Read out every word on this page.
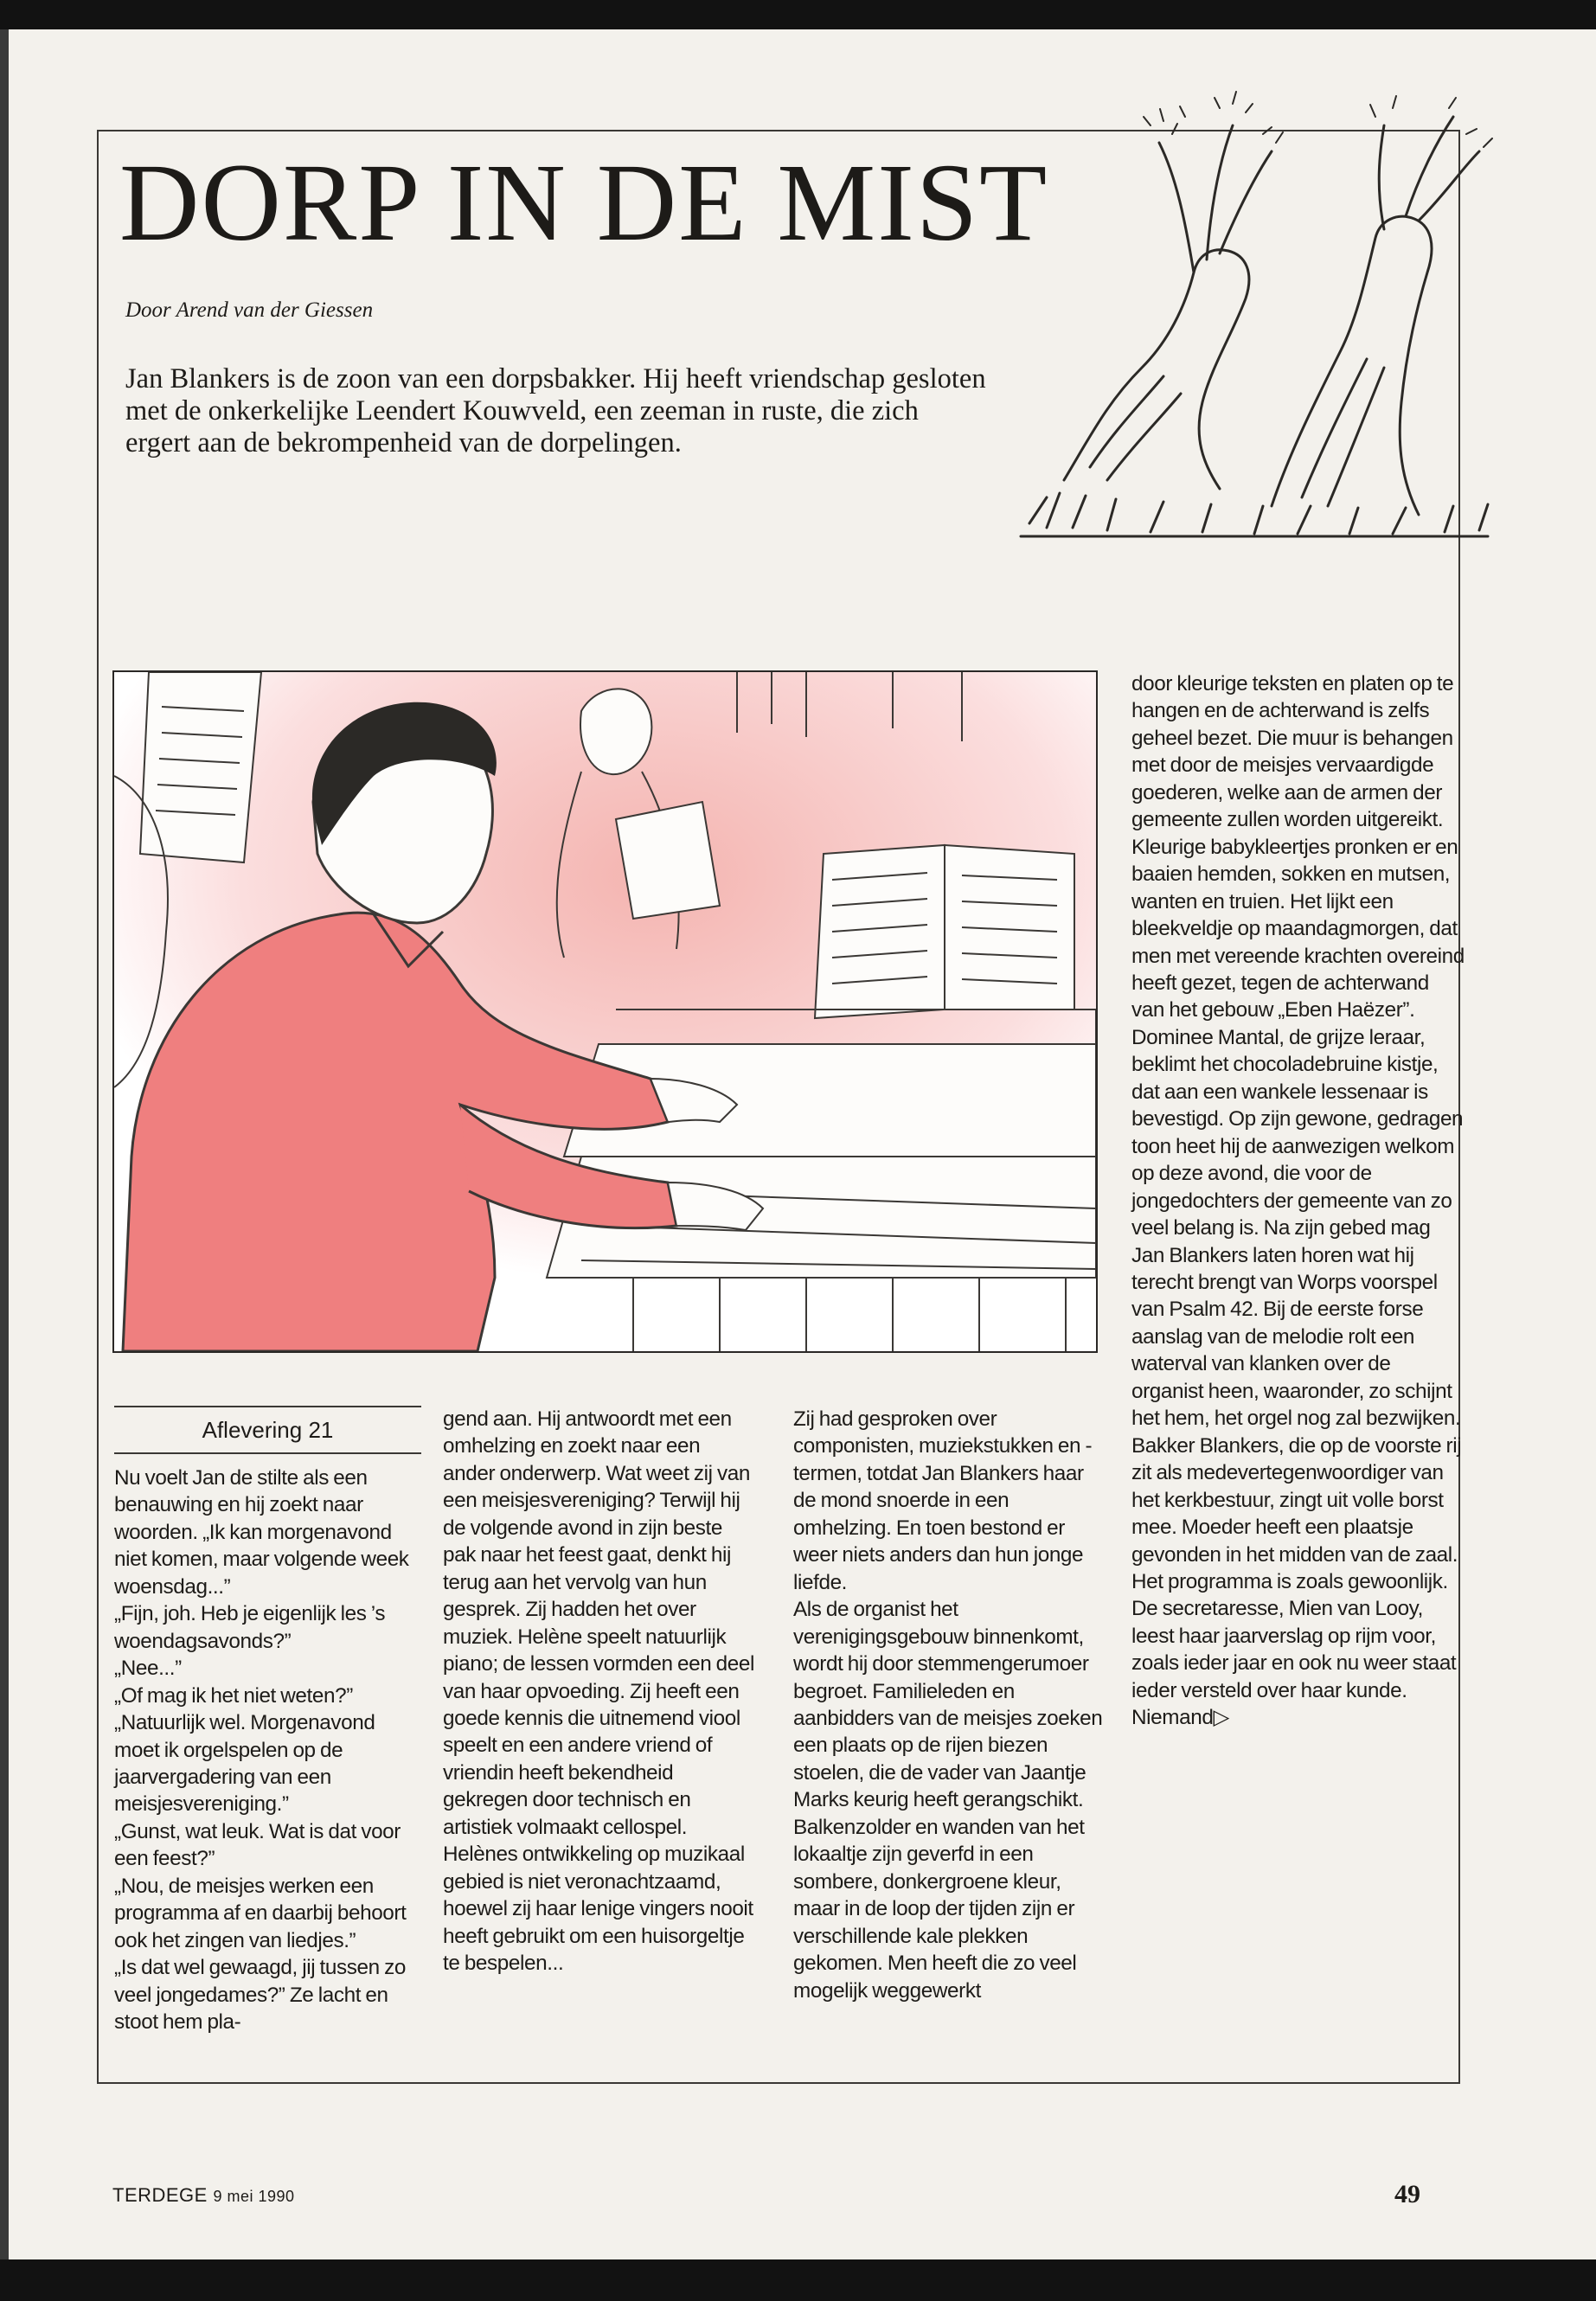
DORP IN DE MIST
Door Arend van der Giessen
Jan Blankers is de zoon van een dorpsbakker. Hij heeft vriendschap gesloten met de onkerkelijke Leendert Kouwveld, een zeeman in ruste, die zich ergert aan de bekrompenheid van de dorpelingen.
Aflevering 21

Nu voelt Jan de stilte als een benauwing en hij zoekt naar woorden. „Ik kan morgenavond niet komen, maar volgende week woensdag...”

„Fijn, joh. Heb je eigenlijk les ’s woendagsavonds?”

„Nee...”

„Of mag ik het niet weten?”

„Natuurlijk wel. Morgenavond moet ik orgelspelen op de jaarvergadering van een meisjesvereniging.”

„Gunst, wat leuk. Wat is dat voor een feest?”

„Nou, de meisjes werken een programma af en daarbij behoort ook het zingen van liedjes.”

„Is dat wel gewaagd, jij tussen zo veel jongedames?” Ze lacht en stoot hem pla-

gend aan. Hij antwoordt met een omhelzing en zoekt naar een ander onderwerp. Wat weet zij van een meisjesvereniging? Terwijl hij de volgende avond in zijn beste pak naar het feest gaat, denkt hij terug aan het vervolg van hun gesprek. Zij hadden het over muziek. Helène speelt natuurlijk piano; de lessen vormden een deel van haar opvoeding. Zij heeft een goede kennis die uitnemend viool speelt en een andere vriend of vriendin heeft bekendheid gekregen door technisch en artistiek volmaakt cellospel. Helènes ontwikkeling op muzikaal gebied is niet veronachtzaamd, hoewel zij haar lenige vingers nooit heeft gebruikt om een huisorgeltje te bespelen...

Zij had gesproken over componisten, muziekstukken en -termen, totdat Jan Blankers haar de mond snoerde in een omhelzing. En toen bestond er weer niets anders dan hun jonge liefde.

Als de organist het verenigingsgebouw binnenkomt, wordt hij door stemmengerumoer begroet. Familieleden en aanbidders van de meisjes zoeken een plaats op de rijen biezen stoelen, die de vader van Jaantje Marks keurig heeft gerangschikt.

Balkenzolder en wanden van het lokaaltje zijn geverfd in een sombere, donkergroene kleur, maar in de loop der tijden zijn er verschillende kale plekken gekomen. Men heeft die zo veel mogelijk weggewerkt

door kleurige teksten en platen op te hangen en de achterwand is zelfs geheel bezet. Die muur is behangen met door de meisjes vervaardigde goederen, welke aan de armen der gemeente zullen worden uitgereikt. Kleurige babykleertjes pronken er en baaien hemden, sokken en mutsen, wanten en truien. Het lijkt een bleekveldje op maandagmorgen, dat men met vereende krachten overeind heeft gezet, tegen de achterwand van het gebouw „Eben Haëzer”. Dominee Mantal, de grijze leraar, beklimt het chocoladebruine kistje, dat aan een wankele lessenaar is bevestigd. Op zijn gewone, gedragen toon heet hij de aanwezigen welkom op deze avond, die voor de jongedochters der gemeente van zo veel belang is. Na zijn gebed mag Jan Blankers laten horen wat hij terecht brengt van Worps voorspel van Psalm 42. Bij de eerste forse aanslag van de melodie rolt een waterval van klanken over de organist heen, waaronder, zo schijnt het hem, het orgel nog zal bezwijken. Bakker Blankers, die op de voorste rij zit als medevertegenwoordiger van het kerkbestuur, zingt uit volle borst mee. Moeder heeft een plaatsje gevonden in het midden van de zaal. Het programma is zoals gewoonlijk. De secretaresse, Mien van Looy, leest haar jaarverslag op rijm voor, zoals ieder jaar en ook nu weer staat ieder versteld over haar kunde. Niemand▷

TERDEGE 9 mei 1990	49
